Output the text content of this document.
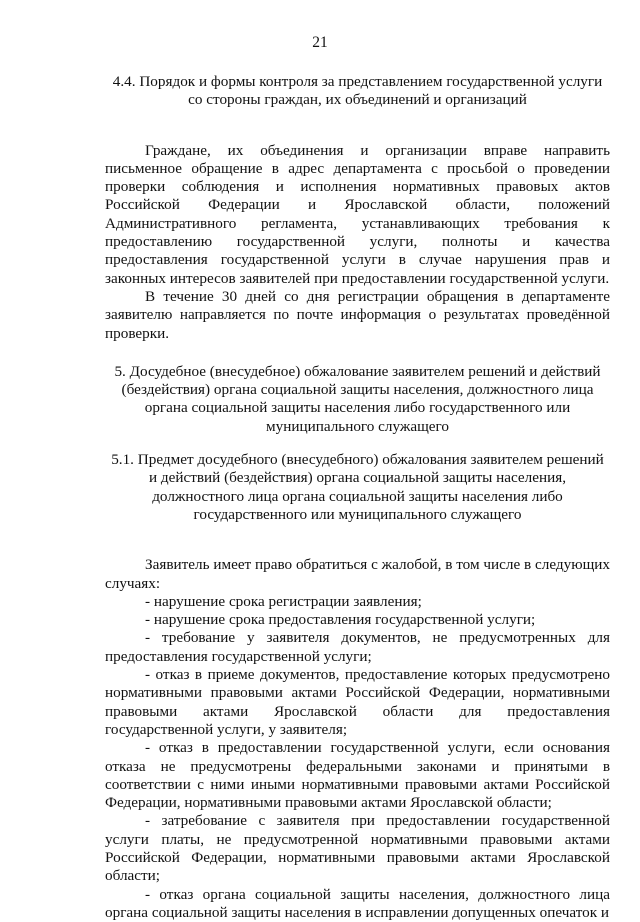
21
4.4. Порядок и формы контроля за представлением государственной услуги
со стороны граждан, их объединений и организаций

Граждане, их объединения и организации вправе направить письменное обращение в адрес департамента с просьбой о проведении проверки соблюдения и исполнения нормативных правовых актов Российской Федерации и Ярославской области, положений Административного регламента, устанавливающих требования к предоставлению государственной услуги, полноты и качества предоставления государственной услуги в случае нарушения прав и законных интересов заявителей при предоставлении государственной услуги.

В течение 30 дней со дня регистрации обращения в департаменте заявителю направляется по почте информация о результатах проведённой проверки.

5. Досудебное (внесудебное) обжалование заявителем решений и действий
(бездействия) органа социальной защиты населения, должностного лица
органа социальной защиты населения либо государственного или
муниципального служащего
5.1. Предмет досудебного (внесудебного) обжалования заявителем решений
и действий (бездействия) органа социальной защиты населения,
должностного лица органа социальной защиты населения либо
государственного или муниципального служащего

Заявитель имеет право обратиться с жалобой, в том числе в следующих случаях:

- нарушение срока регистрации заявления;

- нарушение срока предоставления государственной услуги;

- требование у заявителя документов, не предусмотренных для предоставления государственной услуги;

- отказ в приеме документов, предоставление которых предусмотрено нормативными правовыми актами Российской Федерации, нормативными правовыми актами Ярославской области для предоставления государственной услуги, у заявителя;

- отказ в предоставлении государственной услуги, если основания отказа не предусмотрены федеральными законами и принятыми в соответствии с ними иными нормативными правовыми актами Российской Федерации, нормативными правовыми актами Ярославской области;

- затребование с заявителя при предоставлении государственной услуги платы, не предусмотренной нормативными правовыми актами Российской Федерации, нормативными правовыми актами Ярославской области;

- отказ органа социальной защиты населения, должностного лица органа социальной защиты населения в исправлении допущенных опечаток и
